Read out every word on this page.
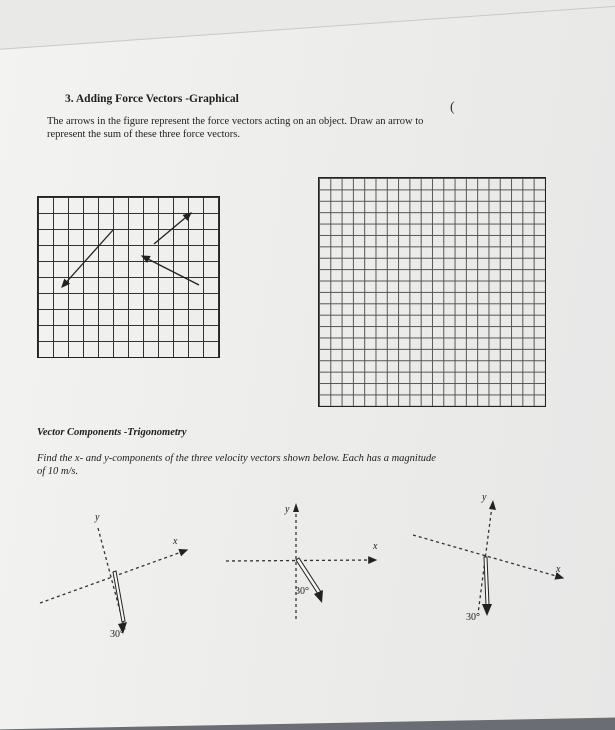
3. Adding Force Vectors -Graphical
The arrows in the figure represent the force vectors acting on an object. Draw an arrow to
represent the sum of these three force vectors.
(
y
x
30°
y
x
30°
y
x
30°
Vector Components -Trigonometry
Find the x- and y-components of the three velocity vectors shown below. Each has a magnitude
of 10 m/s.
